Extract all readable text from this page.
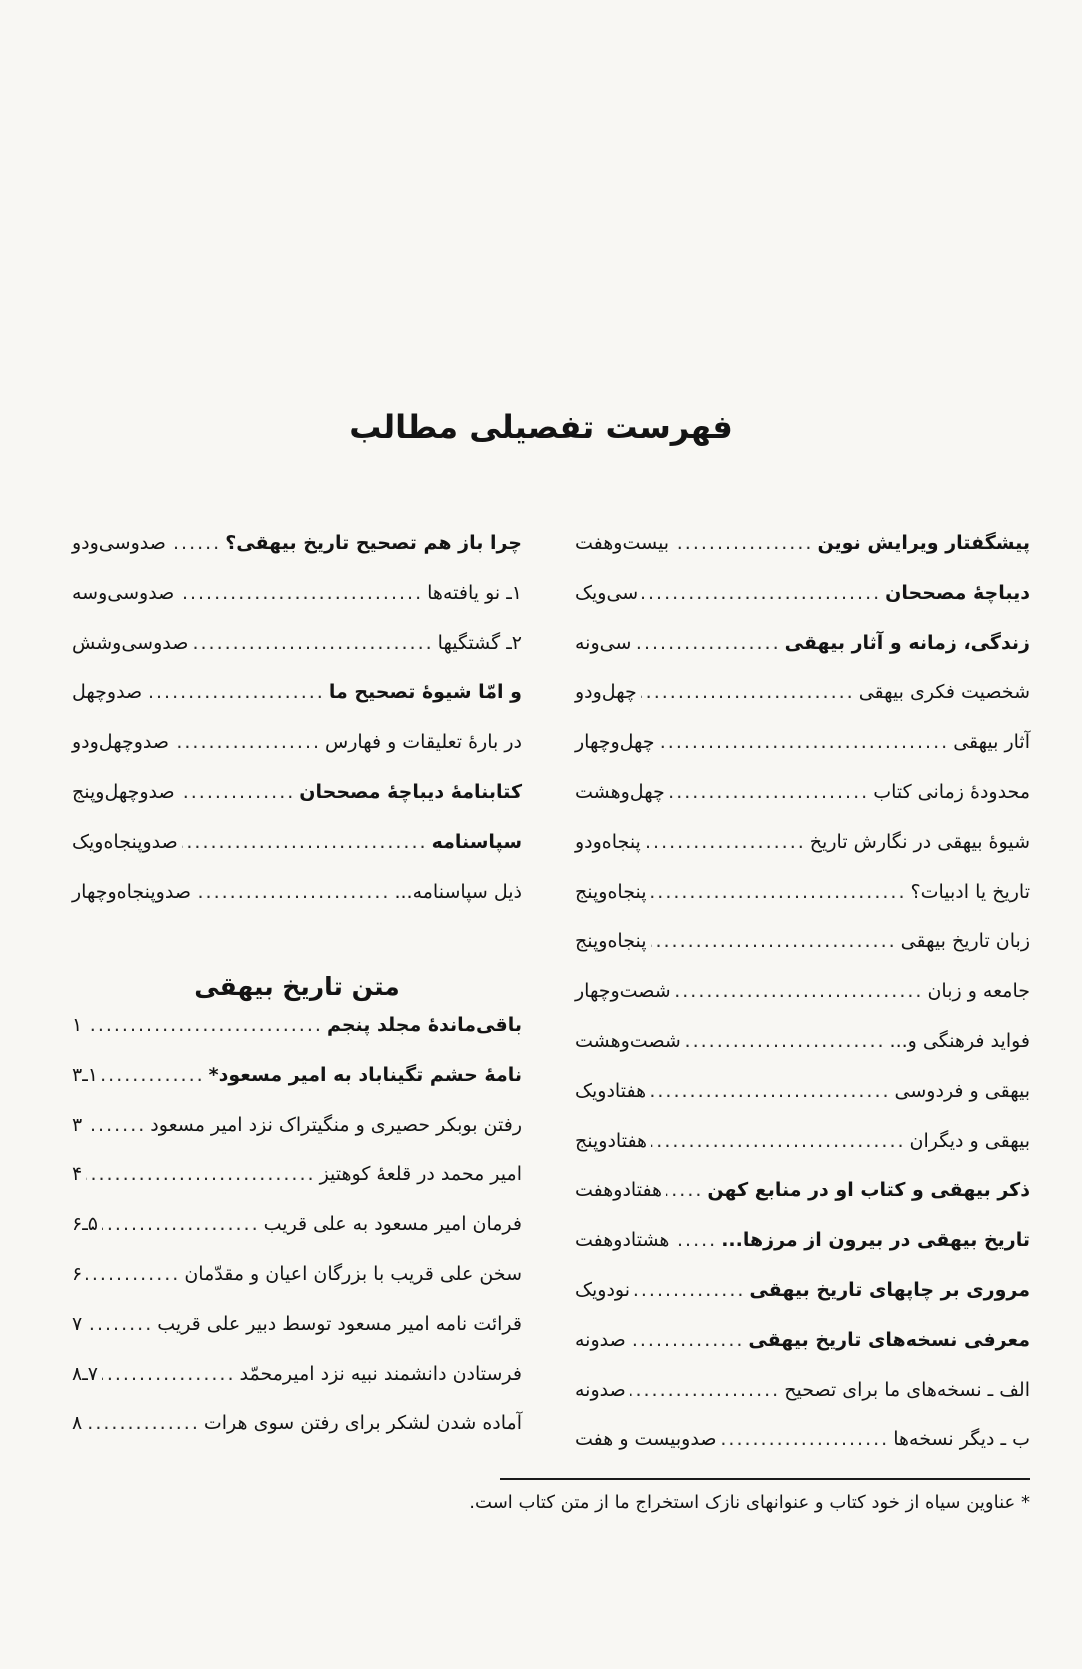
فهرست تفصیلی مطالب
پیشگفتار ویرایش نوین
.....
بیست‌وهفت
دیباچهٔ مصححان
.....
سی‌ویک
زندگی، زمانه و آثار بیهقی
.....
سی‌ونه
شخصیت فکری بیهقی
.....
چهل‌ودو
آثار بیهقی
.....
چهل‌وچهار
محدودهٔ زمانی کتاب
.....
چهل‌وهشت
شیوهٔ بیهقی در نگارش تاریخ
.....
پنجاه‌ودو
تاریخ یا ادبیات؟
.....
پنجاه‌وپنج
زبان تاریخ بیهقی
.....
پنجاه‌وپنج
جامعه و زبان
.....
شصت‌وچهار
فواید فرهنگی و...
.....
شصت‌وهشت
بیهقی و فردوسی
.....
هفتادویک
بیهقی و دیگران
.....
هفتادوپنج
ذکر بیهقی و کتاب او در منابع کهن
.....
هفتادوهفت
تاریخ بیهقی در بیرون از مرزها...
.....
هشتادوهفت
مروری بر چاپهای تاریخ بیهقی
.....
نودویک
معرفی نسخه‌های تاریخ بیهقی
.....
صدونه
الف ـ نسخه‌های ما برای تصحیح
.....
صدونه
ب ـ دیگر نسخه‌ها
.....
صدوبیست و هفت
چرا باز هم تصحیح تاریخ بیهقی؟
.....
صدوسی‌ودو
۱ـ نو یافته‌ها
.....
صدوسی‌وسه
۲ـ گشتگیها
.....
صدوسی‌وشش
و امّا شیوهٔ تصحیح ما
.....
صدوچهل
در بارهٔ تعلیقات و فهارس
.....
صدوچهل‌ودو
کتابنامهٔ دیباچهٔ مصححان
.....
صدوچهل‌وپنج
سپاسنامه
.....
صدوپنجاه‌ویک
ذیل سپاسنامه...
.....
صدوپنجاه‌وچهار
متن تاریخ بیهقی
باقی‌ماندهٔ مجلد پنجم
.....
۱
نامهٔ حشم تگیناباد به امیر مسعود*
.....
۱ـ۳
رفتن بوبکر حصیری و منگیتراک نزد امیر مسعود
.....
۳
امیر محمد در قلعهٔ کوهتیز
.....
۴
فرمان امیر مسعود به علی قریب
.....
۵ـ۶
سخن علی قریب با بزرگان اعیان و مقدّمان
.....
۶
قرائت نامه امیر مسعود توسط دبیر علی قریب
.....
۷
فرستادن دانشمند نبیه نزد امیرمحمّد
.....
۷ـ۸
آماده شدن لشکر برای رفتن سوی هرات
.....
۸
* عناوین سیاه از خود کتاب و عنوانهای نازک استخراج ما از متن کتاب است.
